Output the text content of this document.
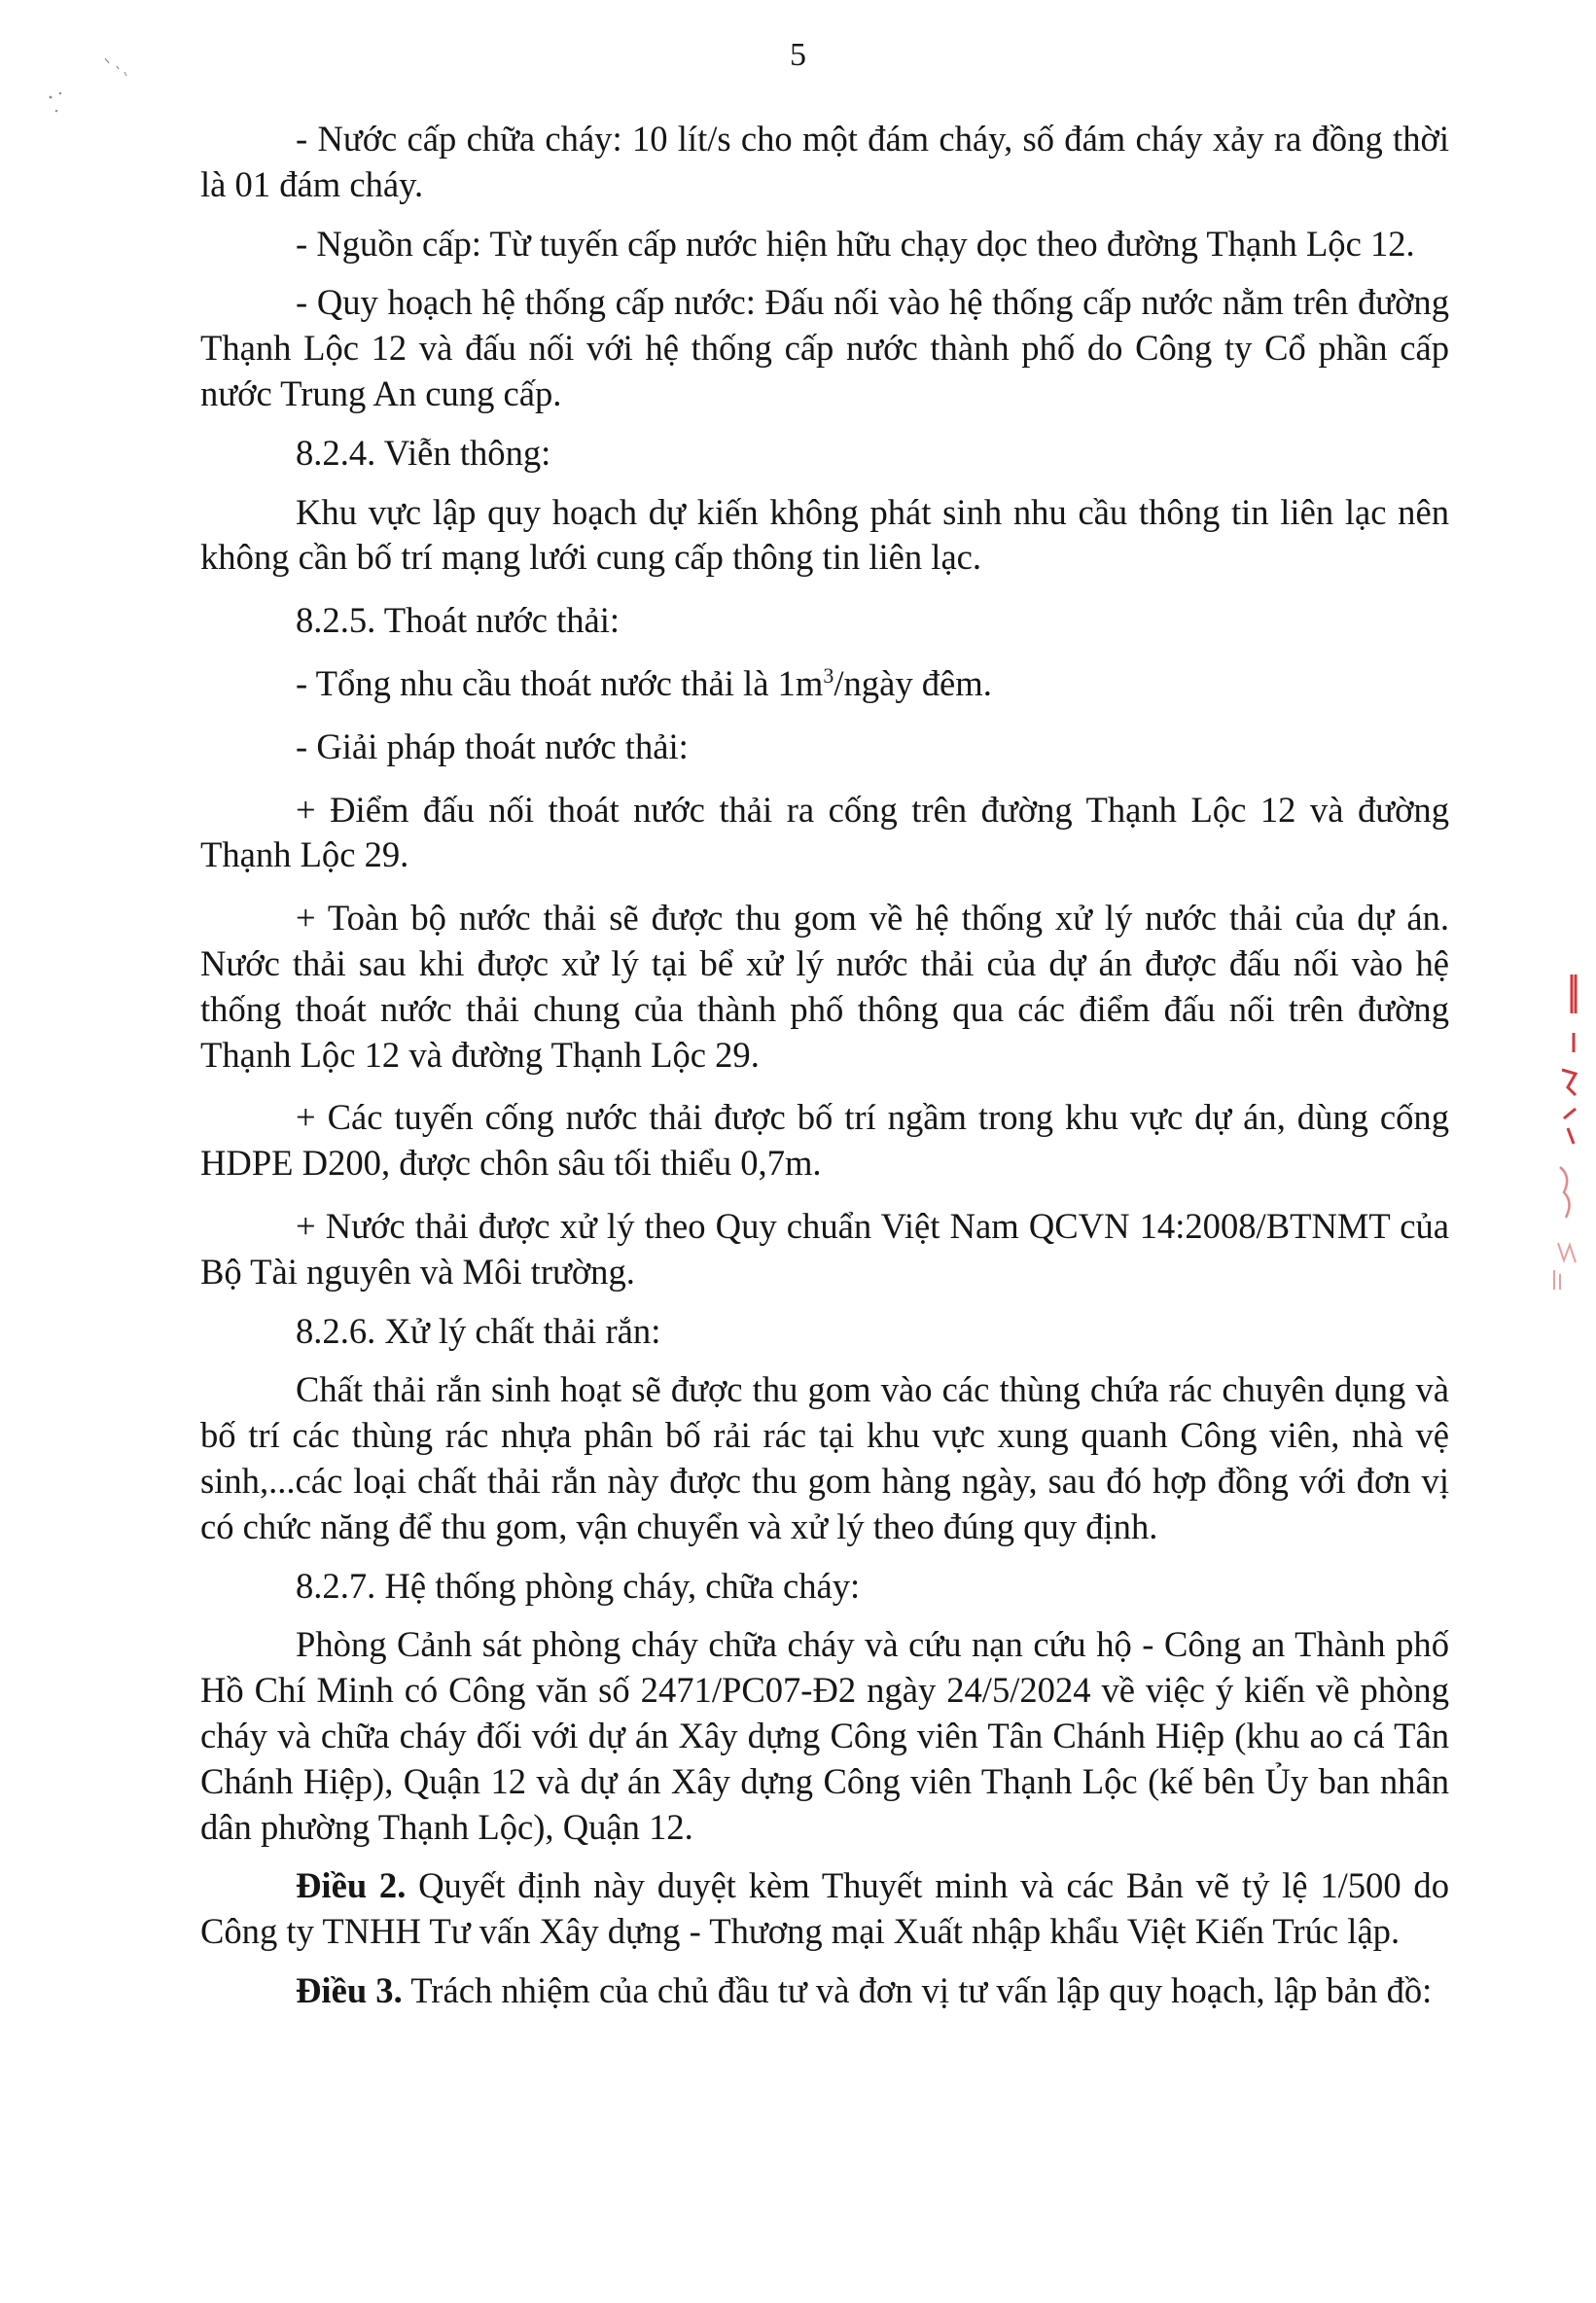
5

- Nước cấp chữa cháy: 10 lít/s cho một đám cháy, số đám cháy xảy ra đồng thời là 01 đám cháy.

- Nguồn cấp: Từ tuyến cấp nước hiện hữu chạy dọc theo đường Thạnh Lộc 12.

- Quy hoạch hệ thống cấp nước: Đấu nối vào hệ thống cấp nước nằm trên đường Thạnh Lộc 12 và đấu nối với hệ thống cấp nước thành phố do Công ty Cổ phần cấp nước Trung An cung cấp.

8.2.4. Viễn thông:

Khu vực lập quy hoạch dự kiến không phát sinh nhu cầu thông tin liên lạc nên không cần bố trí mạng lưới cung cấp thông tin liên lạc.

8.2.5. Thoát nước thải:

- Tổng nhu cầu thoát nước thải là $1m^3$/ngày đêm.

- Giải pháp thoát nước thải:

+ Điểm đấu nối thoát nước thải ra cống trên đường Thạnh Lộc 12 và đường Thạnh Lộc 29.

+ Toàn bộ nước thải sẽ được thu gom về hệ thống xử lý nước thải của dự án. Nước thải sau khi được xử lý tại bể xử lý nước thải của dự án được đấu nối vào hệ thống thoát nước thải chung của thành phố thông qua các điểm đấu nối trên đường Thạnh Lộc 12 và đường Thạnh Lộc 29.

+ Các tuyến cống nước thải được bố trí ngầm trong khu vực dự án, dùng cống HDPE D200, được chôn sâu tối thiểu 0,7m.

+ Nước thải được xử lý theo Quy chuẩn Việt Nam QCVN 14:2008/BTNMT của Bộ Tài nguyên và Môi trường.

8.2.6. Xử lý chất thải rắn:

Chất thải rắn sinh hoạt sẽ được thu gom vào các thùng chứa rác chuyên dụng và bố trí các thùng rác nhựa phân bố rải rác tại khu vực xung quanh Công viên, nhà vệ sinh,...các loại chất thải rắn này được thu gom hàng ngày, sau đó hợp đồng với đơn vị có chức năng để thu gom, vận chuyển và xử lý theo đúng quy định.

8.2.7. Hệ thống phòng cháy, chữa cháy:

Phòng Cảnh sát phòng cháy chữa cháy và cứu nạn cứu hộ - Công an Thành phố Hồ Chí Minh có Công văn số 2471/PC07-Đ2 ngày 24/5/2024 về việc ý kiến về phòng cháy và chữa cháy đối với dự án Xây dựng Công viên Tân Chánh Hiệp (khu ao cá Tân Chánh Hiệp), Quận 12 và dự án Xây dựng Công viên Thạnh Lộc (kế bên Ủy ban nhân dân phường Thạnh Lộc), Quận 12.

Điều 2. Quyết định này duyệt kèm Thuyết minh và các Bản vẽ tỷ lệ 1/500 do Công ty TNHH Tư vấn Xây dựng - Thương mại Xuất nhập khẩu Việt Kiến Trúc lập.

Điều 3. Trách nhiệm của chủ đầu tư và đơn vị tư vấn lập quy hoạch, lập bản đồ:
